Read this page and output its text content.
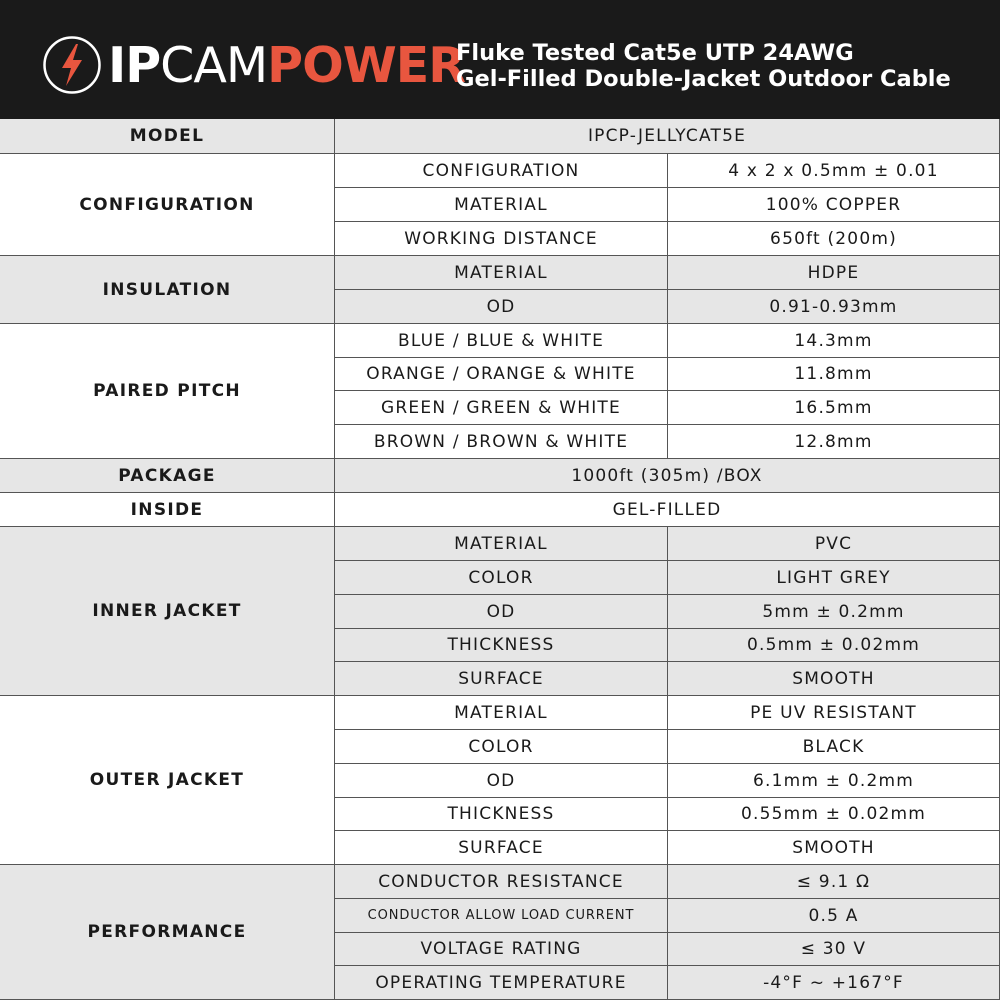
IPCAMPOWER
Fluke Tested Cat5e UTP 24AWG
Gel-Filled Double-Jacket Outdoor Cable
MODEL	IPCP-JELLYCAT5E
CONFIGURATION
CONFIGURATION	4 x 2 x 0.5mm ± 0.01
MATERIAL	100% COPPER
WORKING DISTANCE	650ft (200m)
INSULATION
MATERIAL	HDPE
OD	0.91-0.93mm
PAIRED PITCH
BLUE / BLUE & WHITE	14.3mm
ORANGE / ORANGE & WHITE	11.8mm
GREEN / GREEN & WHITE	16.5mm
BROWN / BROWN & WHITE	12.8mm
PACKAGE	1000ft (305m) /BOX
INSIDE	GEL-FILLED
INNER JACKET
MATERIAL	PVC
COLOR	LIGHT GREY
OD	5mm ± 0.2mm
THICKNESS	0.5mm ± 0.02mm
SURFACE	SMOOTH
OUTER JACKET
MATERIAL	PE UV RESISTANT
COLOR	BLACK
OD	6.1mm ± 0.2mm
THICKNESS	0.55mm ± 0.02mm
SURFACE	SMOOTH
PERFORMANCE
CONDUCTOR RESISTANCE	≤ 9.1 Ω
CONDUCTOR ALLOW LOAD CURRENT	0.5 A
VOLTAGE RATING	≤ 30 V
OPERATING TEMPERATURE	-4°F ~ +167°F
